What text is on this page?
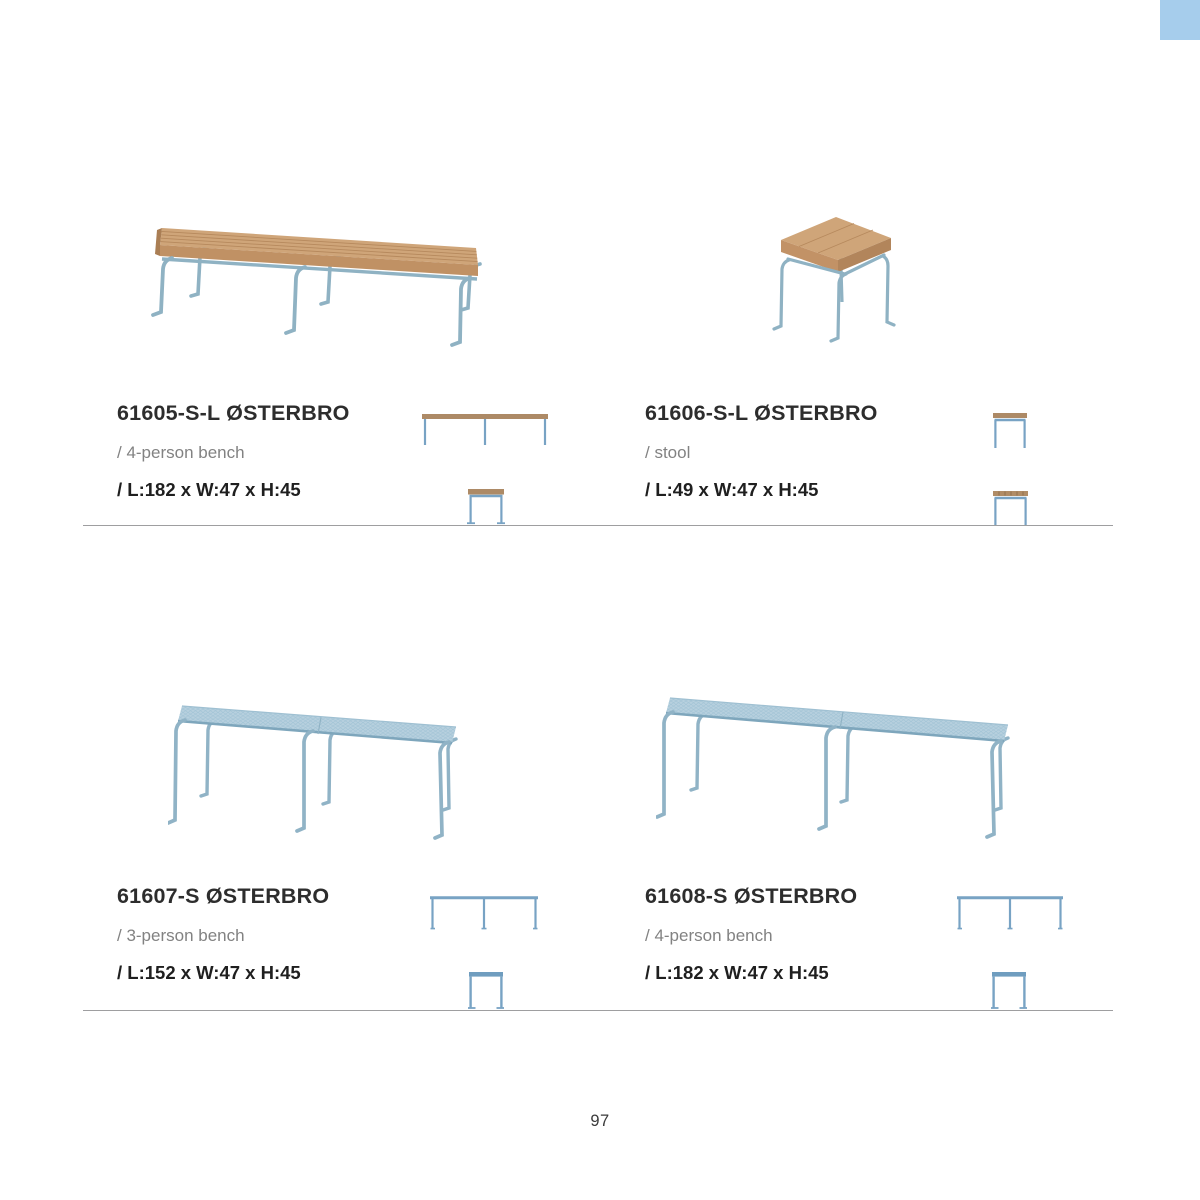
61605-S-L ØSTERBRO

/ 4-person bench

/ L:182 x W:47 x H:45

61606-S-L ØSTERBRO

/ stool

/ L:49 x W:47 x H:45

61607-S ØSTERBRO

/ 3-person bench

/ L:152 x W:47 x H:45

61608-S ØSTERBRO

/ 4-person bench

/ L:182 x W:47 x H:45

97
